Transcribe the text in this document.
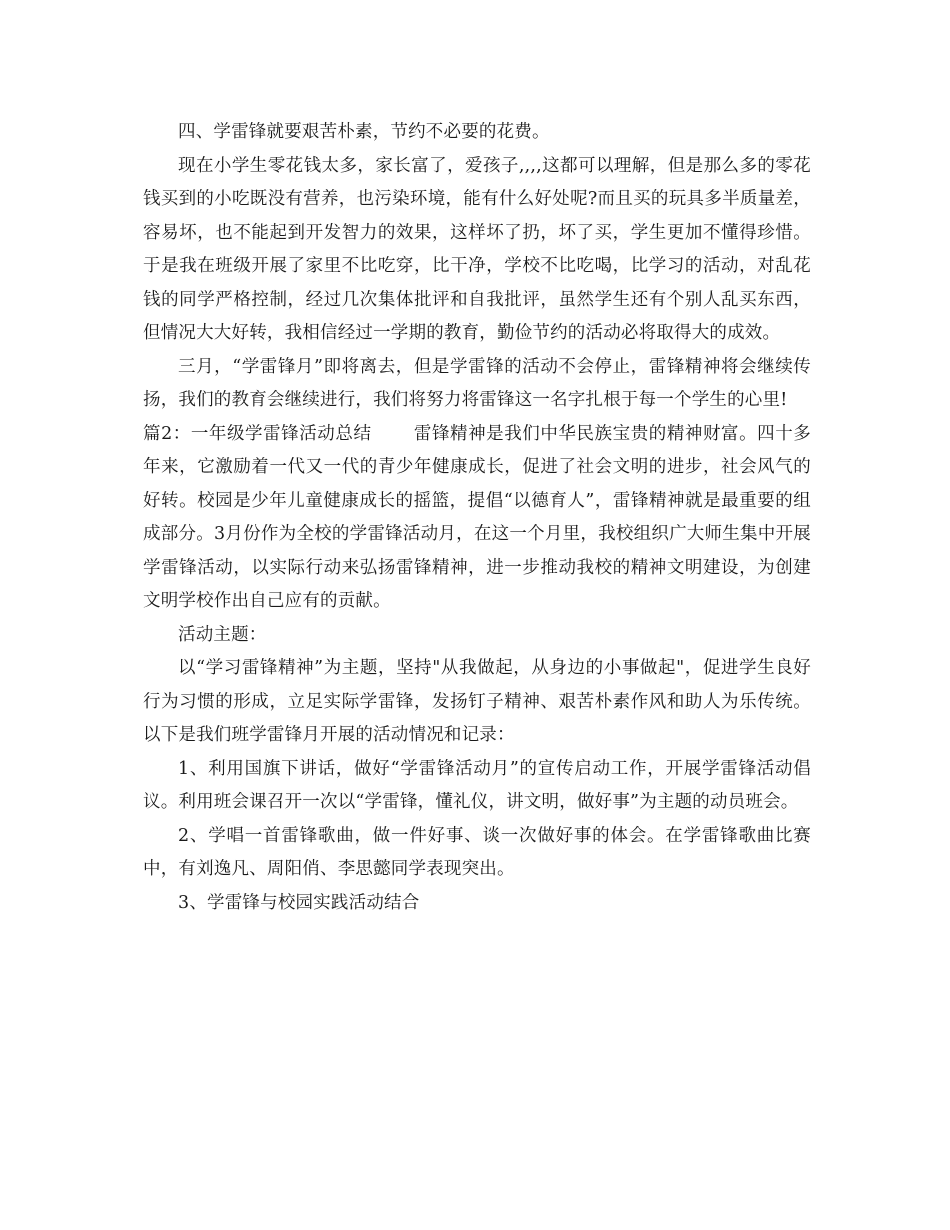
四、学雷锋就要艰苦朴素，节约不必要的花费。

现在小学生零花钱太多，家长富了，爱孩子,,,,这都可以理解，但是那么多的零花钱买到的小吃既没有营养，也污染环境，能有什么好处呢?而且买的玩具多半质量差，容易坏，也不能起到开发智力的效果，这样坏了扔，坏了买，学生更加不懂得珍惜。于是我在班级开展了家里不比吃穿，比干净，学校不比吃喝，比学习的活动，对乱花钱的同学严格控制，经过几次集体批评和自我批评，虽然学生还有个别人乱买东西，但情况大大好转，我相信经过一学期的教育，勤俭节约的活动必将取得大的成效。

三月，“学雷锋月”即将离去，但是学雷锋的活动不会停止，雷锋精神将会继续传扬，我们的教育会继续进行，我们将努力将雷锋这一名字扎根于每一个学生的心里!

篇2：一年级学雷锋活动总结 雷锋精神是我们中华民族宝贵的精神财富。四十多年来，它激励着一代又一代的青少年健康成长，促进了社会文明的进步，社会风气的好转。校园是少年儿童健康成长的摇篮，提倡“以德育人”，雷锋精神就是最重要的组成部分。3月份作为全校的学雷锋活动月，在这一个月里，我校组织广大师生集中开展学雷锋活动，以实际行动来弘扬雷锋精神，进一步推动我校的精神文明建设，为创建文明学校作出自己应有的贡献。

活动主题：

以“学习雷锋精神”为主题，坚持"从我做起，从身边的小事做起"，促进学生良好行为习惯的形成，立足实际学雷锋，发扬钉子精神、艰苦朴素作风和助人为乐传统。 以下是我们班学雷锋月开展的活动情况和记录：

1、利用国旗下讲话，做好“学雷锋活动月”的宣传启动工作，开展学雷锋活动倡议。利用班会课召开一次以“学雷锋，懂礼仪，讲文明，做好事”为主题的动员班会。

2、学唱一首雷锋歌曲，做一件好事、谈一次做好事的体会。在学雷锋歌曲比赛中，有刘逸凡、周阳俏、李思懿同学表现突出。

3、学雷锋与校园实践活动结合
